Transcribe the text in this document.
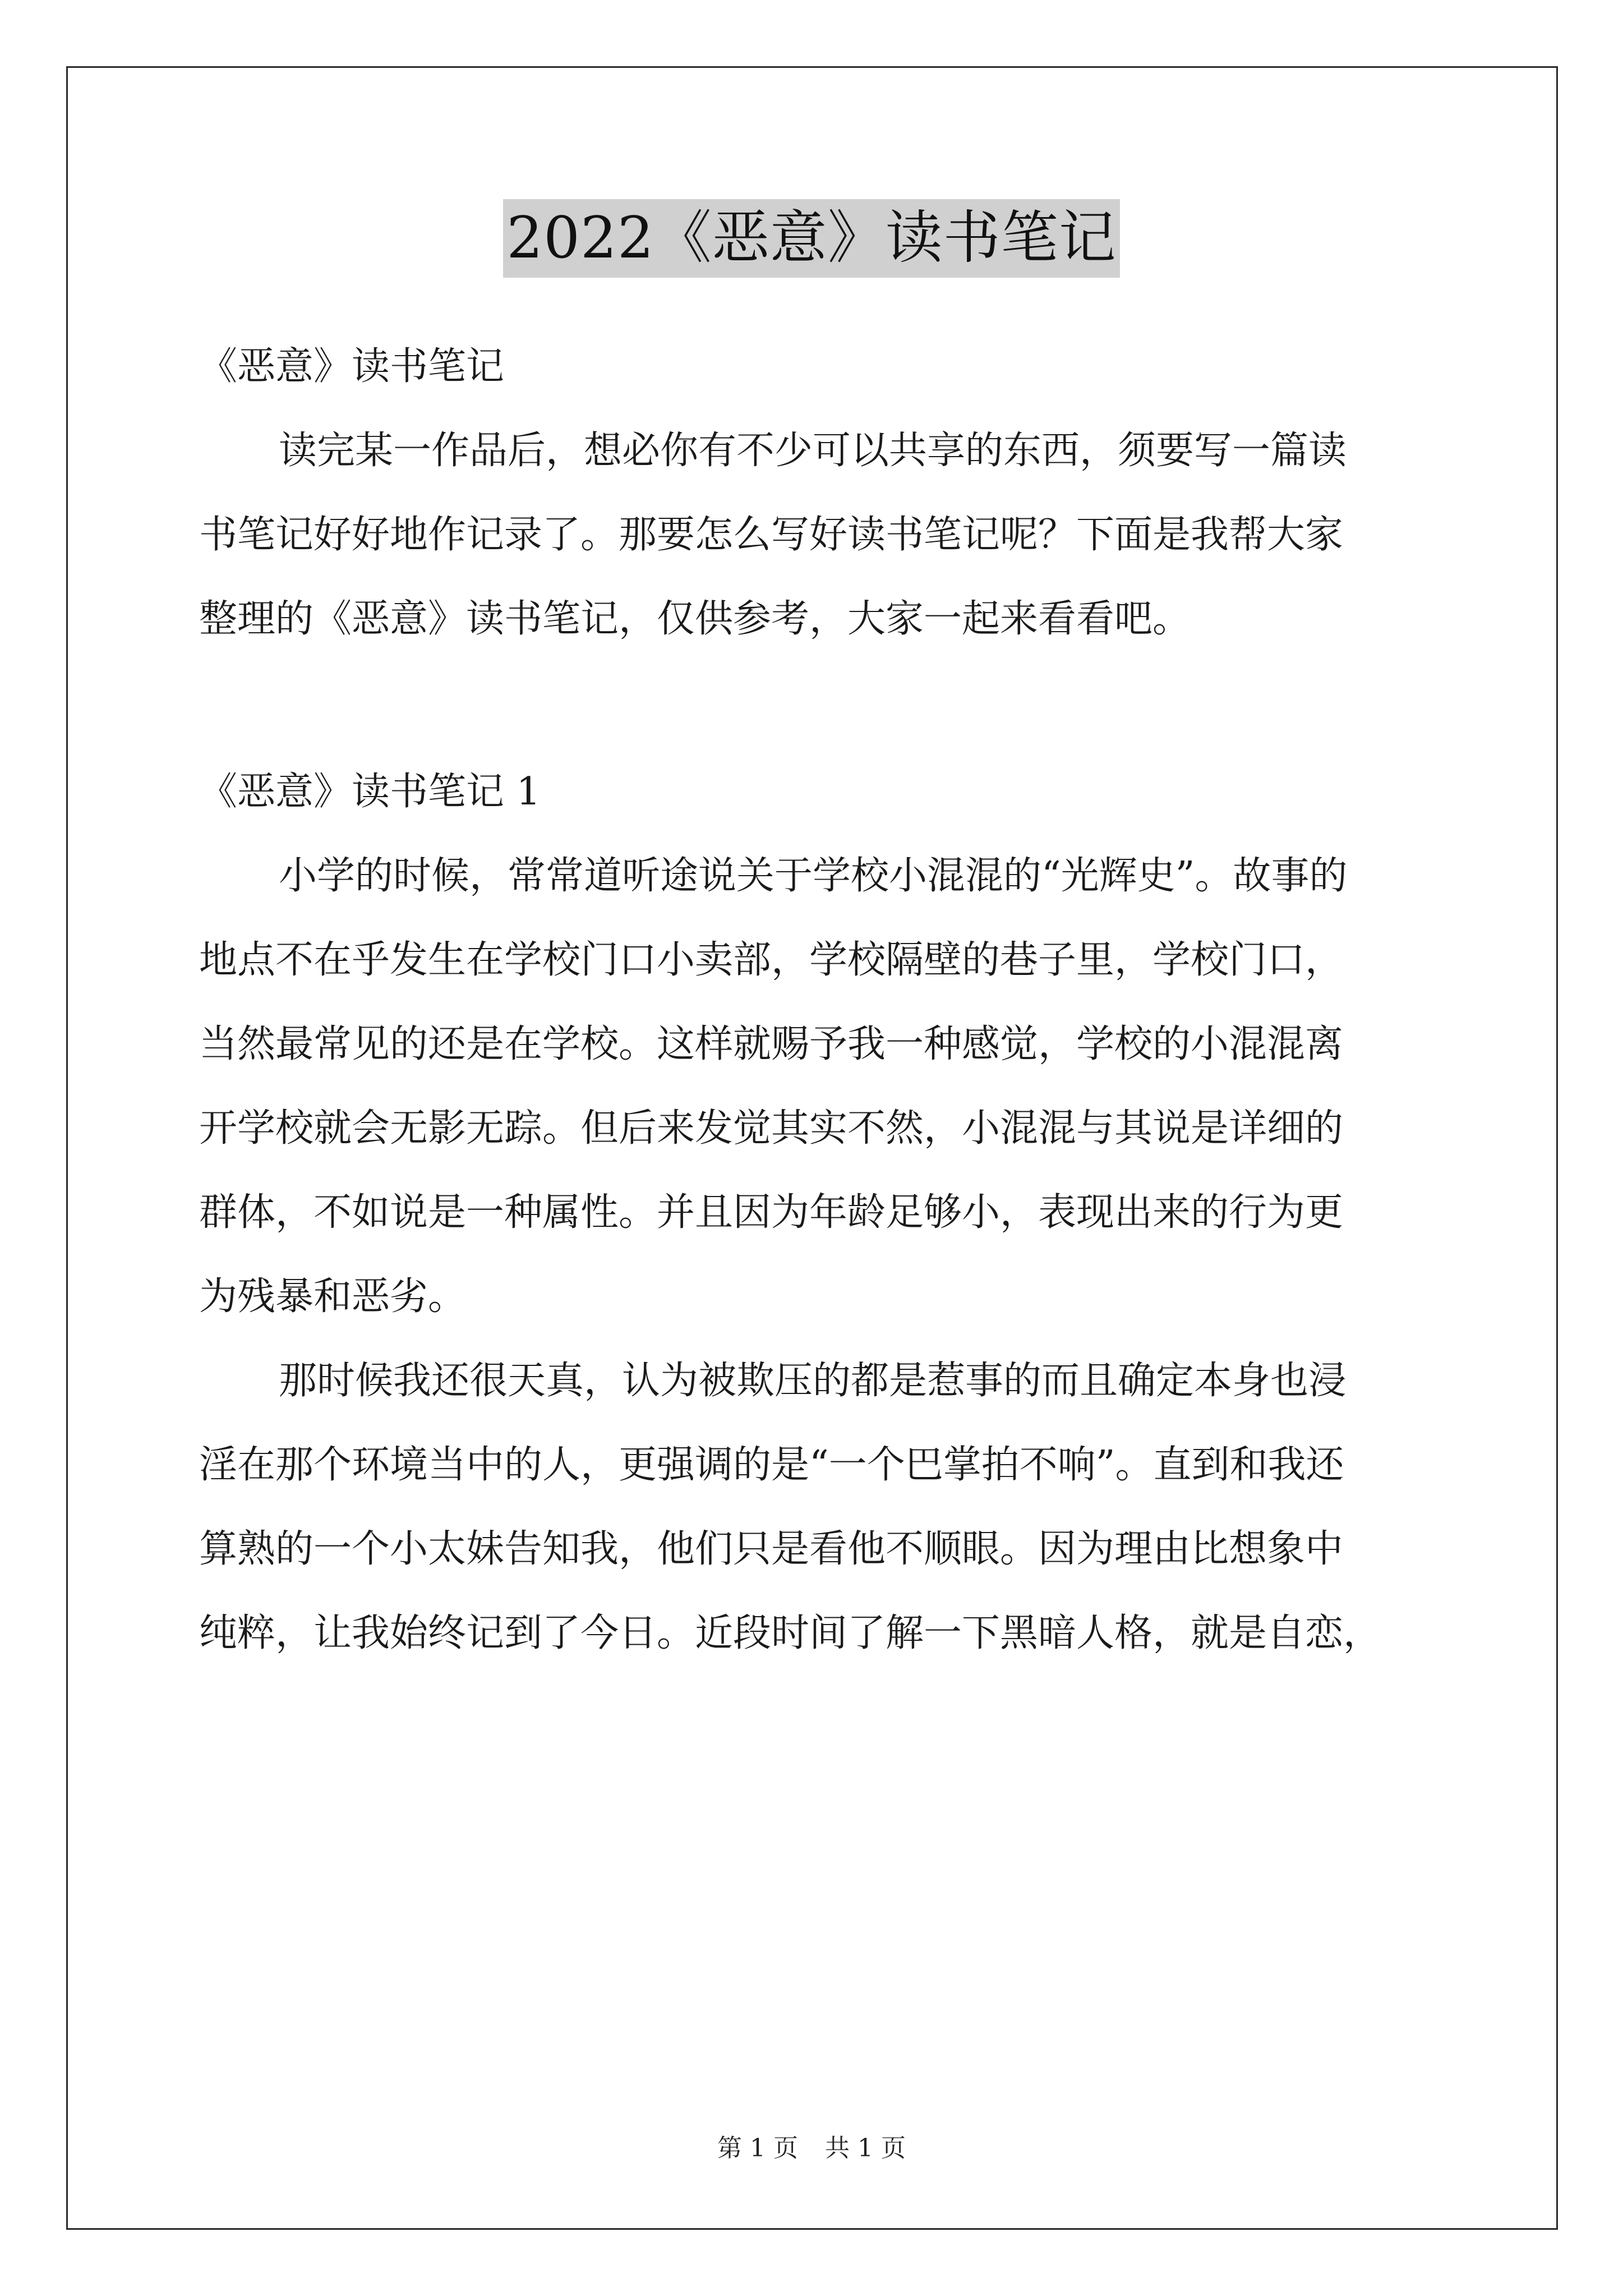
2022《恶意》读书笔记
《恶意》读书笔记
读完某一作品后，想必你有不少可以共享的东西，须要写一篇读
书笔记好好地作记录了。那要怎么写好读书笔记呢？下面是我帮大家
整理的《恶意》读书笔记，仅供参考，大家一起来看看吧。
《恶意》读书笔记 1
小学的时候，常常道听途说关于学校小混混的“光辉史”。故事的
地点不在乎发生在学校门口小卖部，学校隔壁的巷子里，学校门口，
当然最常见的还是在学校。这样就赐予我一种感觉，学校的小混混离
开学校就会无影无踪。但后来发觉其实不然，小混混与其说是详细的
群体，不如说是一种属性。并且因为年龄足够小，表现出来的行为更
为残暴和恶劣。
那时候我还很天真，认为被欺压的都是惹事的而且确定本身也浸
淫在那个环境当中的人，更强调的是“一个巴掌拍不响”。直到和我还
算熟的一个小太妹告知我，他们只是看他不顺眼。因为理由比想象中
纯粹，让我始终记到了今日。近段时间了解一下黑暗人格，就是自恋，
第 1 页 共 1 页
